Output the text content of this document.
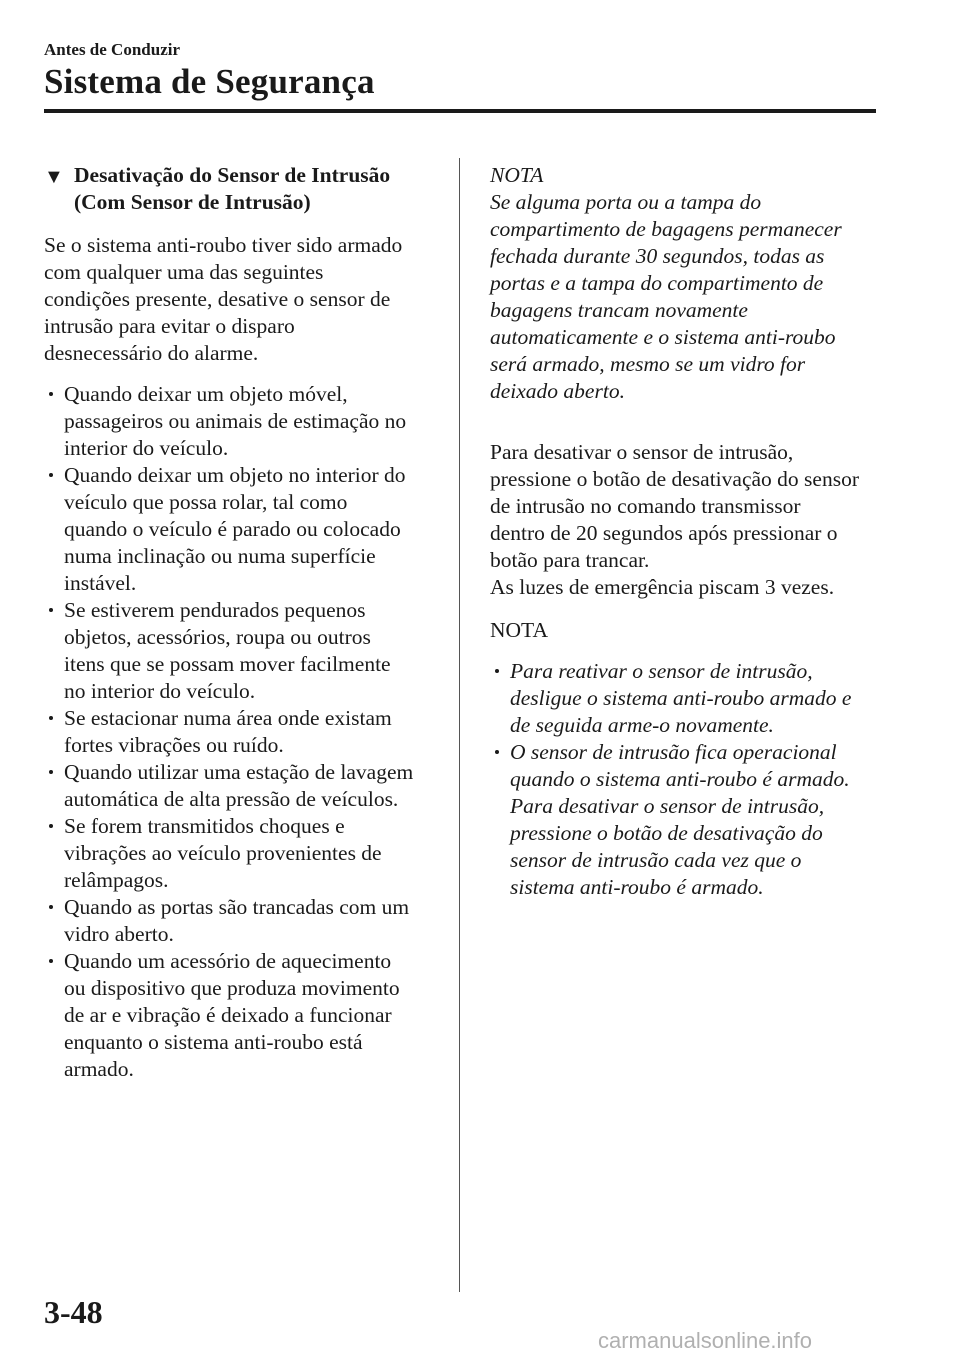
Antes de Conduzir
Sistema de Segurança
▼ Desativação do Sensor de Intrusão
(Com Sensor de Intrusão)
Se o sistema anti-roubo tiver sido armado
com qualquer uma das seguintes
condições presente, desative o sensor de
intrusão para evitar o disparo
desnecessário do alarme.
Quando deixar um objeto móvel,
passageiros ou animais de estimação no
interior do veículo.
Quando deixar um objeto no interior do
veículo que possa rolar, tal como
quando o veículo é parado ou colocado
numa inclinação ou numa superfície
instável.
Se estiverem pendurados pequenos
objetos, acessórios, roupa ou outros
itens que se possam mover facilmente
no interior do veículo.
Se estacionar numa área onde existam
fortes vibrações ou ruído.
Quando utilizar uma estação de lavagem
automática de alta pressão de veículos.
Se forem transmitidos choques e
vibrações ao veículo provenientes de
relâmpagos.
Quando as portas são trancadas com um
vidro aberto.
Quando um acessório de aquecimento
ou dispositivo que produza movimento
de ar e vibração é deixado a funcionar
enquanto o sistema anti-roubo está
armado.
NOTA
Se alguma porta ou a tampa do
compartimento de bagagens permanecer
fechada durante 30 segundos, todas as
portas e a tampa do compartimento de
bagagens trancam novamente
automaticamente e o sistema anti-roubo
será armado, mesmo se um vidro for
deixado aberto.
Para desativar o sensor de intrusão,
pressione o botão de desativação do sensor
de intrusão no comando transmissor
dentro de 20 segundos após pressionar o
botão para trancar.
As luzes de emergência piscam 3 vezes.
NOTA
Para reativar o sensor de intrusão,
desligue o sistema anti-roubo armado e
de seguida arme-o novamente.
O sensor de intrusão fica operacional
quando o sistema anti-roubo é armado.
Para desativar o sensor de intrusão,
pressione o botão de desativação do
sensor de intrusão cada vez que o
sistema anti-roubo é armado.
3-48
carmanualsonline.info
